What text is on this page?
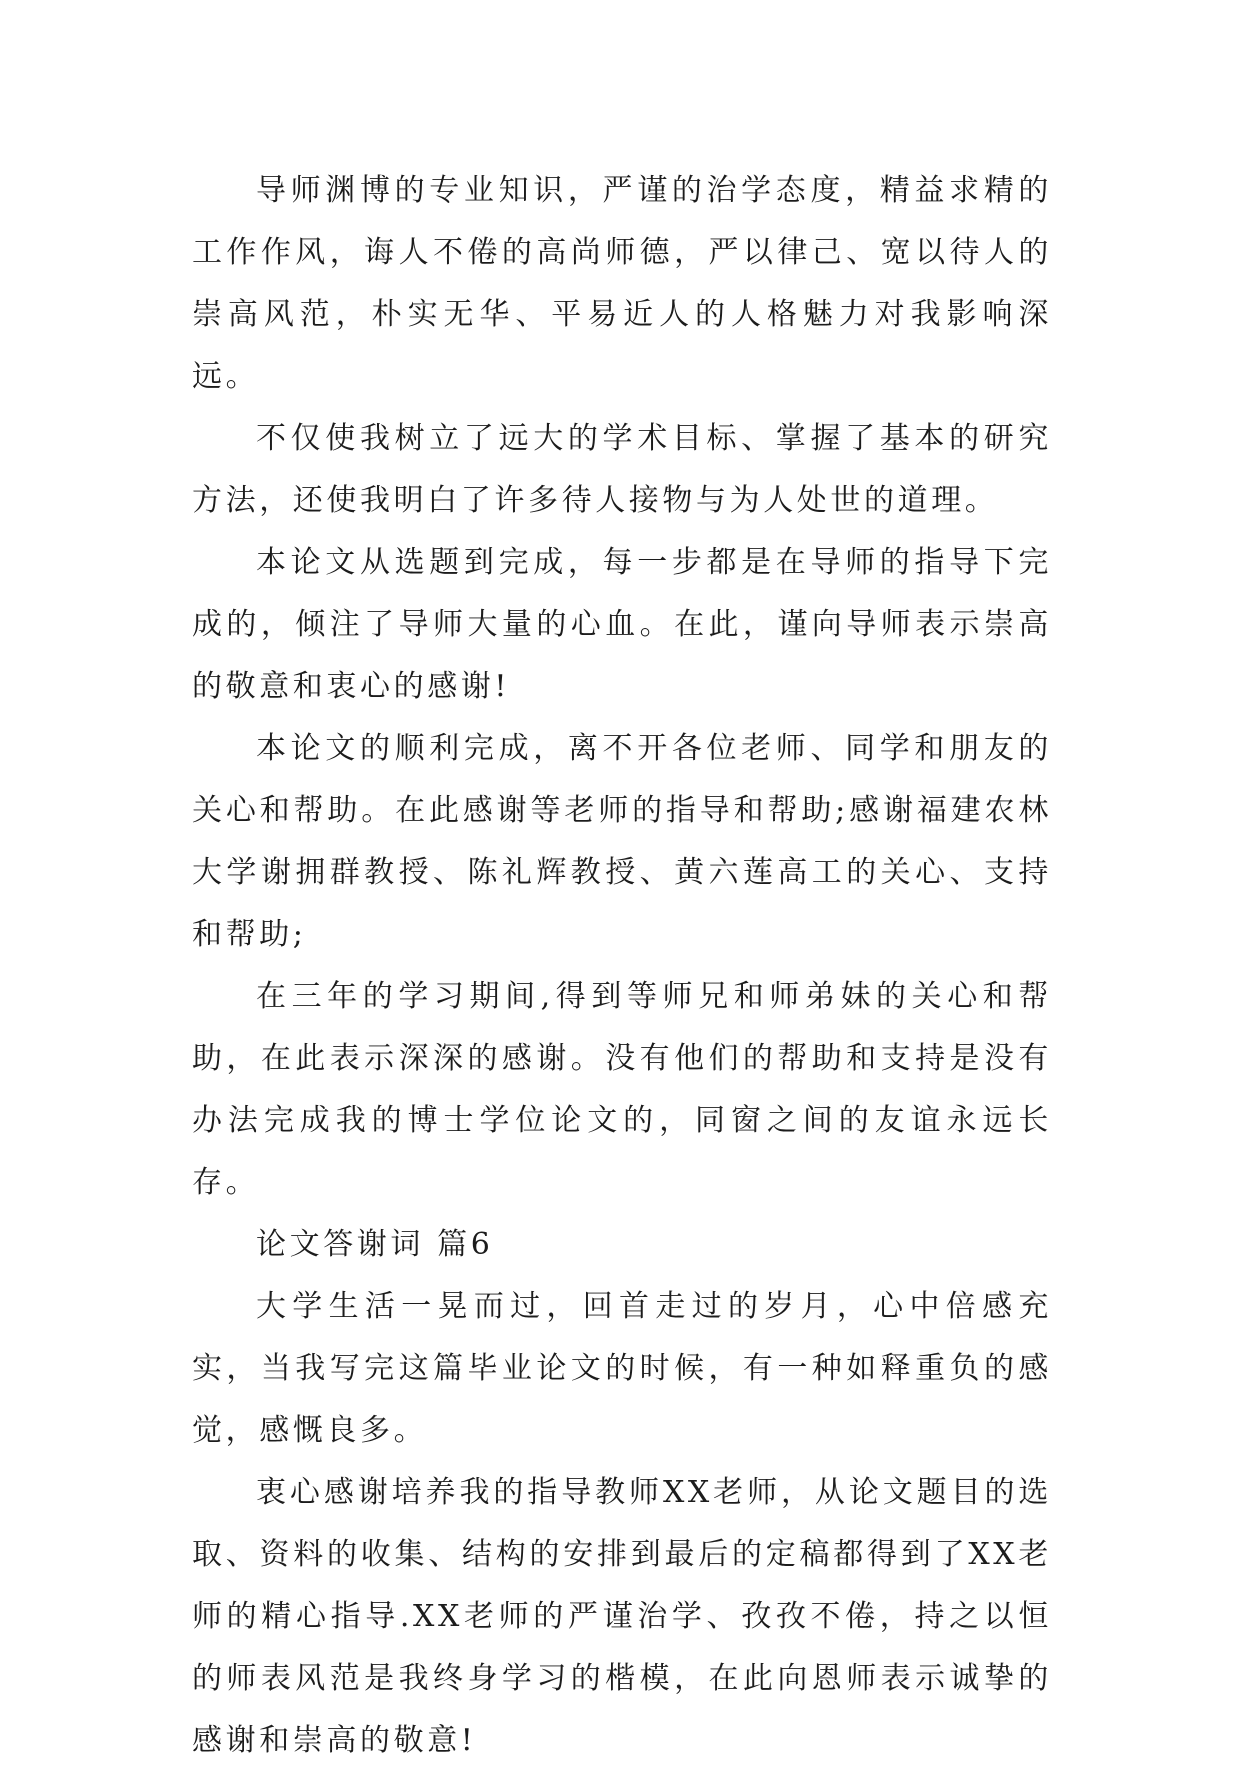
导师渊博的专业知识，严谨的治学态度，精益求精的工作作风，诲人不倦的高尚师德，严以律己、宽以待人的崇高风范，朴实无华、平易近人的人格魅力对我影响深远。

不仅使我树立了远大的学术目标、掌握了基本的研究方法，还使我明白了许多待人接物与为人处世的道理。

本论文从选题到完成，每一步都是在导师的指导下完成的，倾注了导师大量的心血。在此，谨向导师表示崇高的敬意和衷心的感谢!

本论文的顺利完成，离不开各位老师、同学和朋友的关心和帮助。在此感谢等老师的指导和帮助;感谢福建农林大学谢拥群教授、陈礼辉教授、黄六莲高工的关心、支持和帮助;

在三年的学习期间,得到等师兄和师弟妹的关心和帮助，在此表示深深的感谢。没有他们的帮助和支持是没有办法完成我的博士学位论文的，同窗之间的友谊永远长存。

论文答谢词 篇6

大学生活一晃而过，回首走过的岁月，心中倍感充实，当我写完这篇毕业论文的时候，有一种如释重负的感觉，感慨良多。

衷心感谢培养我的指导教师XX老师，从论文题目的选取、资料的收集、结构的安排到最后的定稿都得到了XX老师的精心指导.XX老师的严谨治学、孜孜不倦，持之以恒的师表风范是我终身学习的楷模，在此向恩师表示诚挚的感谢和崇高的敬意!
